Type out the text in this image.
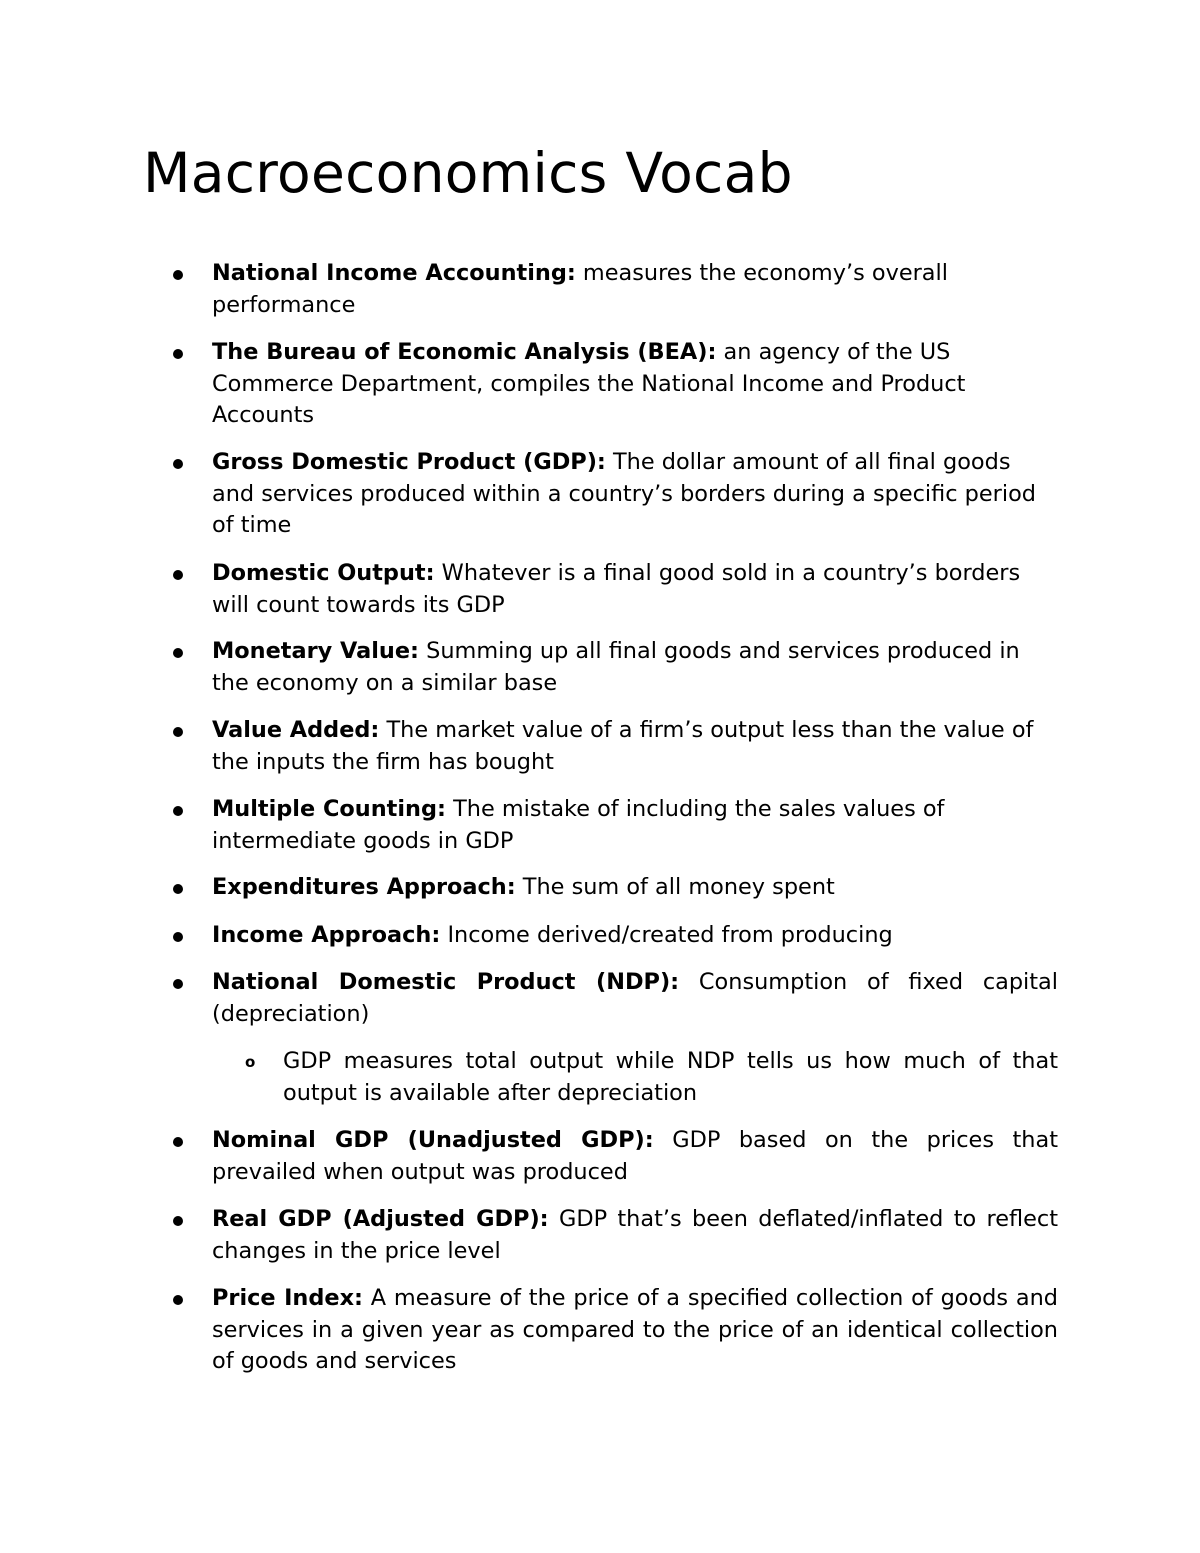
Macroeconomics Vocab
National Income Accounting: measures the economy’s overall performance
The Bureau of Economic Analysis (BEA): an agency of the US Commerce Department, compiles the National Income and Product Accounts
Gross Domestic Product (GDP): The dollar amount of all final goods and services produced within a country’s borders during a specific period of time
Domestic Output: Whatever is a final good sold in a country’s borders will count towards its GDP
Monetary Value: Summing up all final goods and services produced in the economy on a similar base
Value Added: The market value of a firm’s output less than the value of the inputs the firm has bought
Multiple Counting: The mistake of including the sales values of intermediate goods in GDP
Expenditures Approach: The sum of all money spent
Income Approach: Income derived/created from producing
National Domestic Product (NDP): Consumption of fixed capital (depreciation)
o GDP measures total output while NDP tells us how much of that output is available after depreciation
Nominal GDP (Unadjusted GDP): GDP based on the prices that prevailed when output was produced
Real GDP (Adjusted GDP): GDP that’s been deflated/inflated to reflect changes in the price level
Price Index: A measure of the price of a specified collection of goods and services in a given year as compared to the price of an identical collection of goods and services
